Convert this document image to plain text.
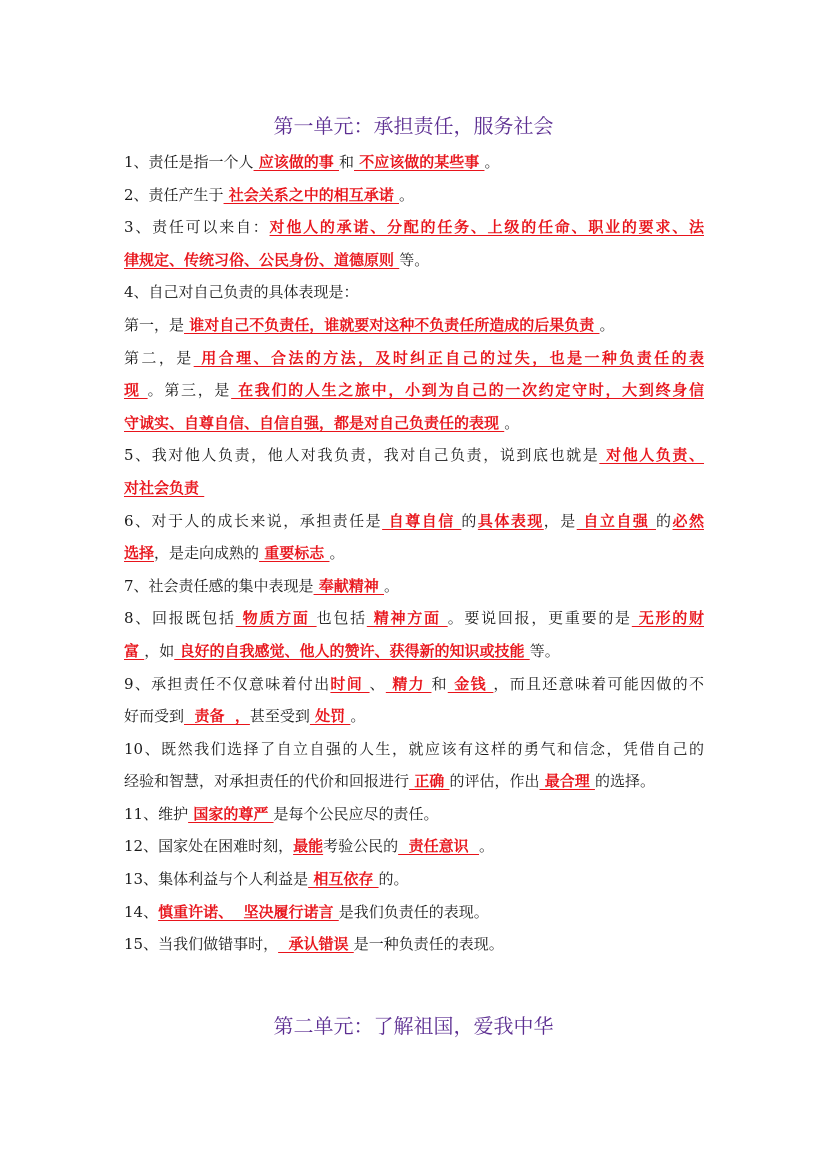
第一单元：承担责任，服务社会
1、责任是指一个人 应该做的事 和 不应该做的某些事 。
2、责任产生于 社会关系之中的相互承诺 。
3、责任可以来自：对他人的承诺、分配的任务、上级的任命、职业的要求、法
律规定、传统习俗、公民身份、道德原则 等。
4、自己对自己负责的具体表现是：
第一，是 谁对自己不负责任，谁就要对这种不负责任所造成的后果负责 。
第二，是 用合理、合法的方法，及时纠正自己的过失，也是一种负责任的表
现 。第三，是 在我们的人生之旅中，小到为自己的一次约定守时，大到终身信
守诚实、自尊自信、自信自强，都是对自己负责任的表现 。
5、我对他人负责，他人对我负责，我对自己负责，说到底也就是 对他人负责、
对社会负责
6、对于人的成长来说，承担责任是 自尊自信 的具体表现，是 自立自强 的必然
选择，是走向成熟的 重要标志 。
7、社会责任感的集中表现是 奉献精神 。
8、回报既包括 物质方面 也包括 精神方面 。要说回报，更重要的是 无形的财
富 ，如 良好的自我感觉、他人的赞许、获得新的知识或技能 等。
9、承担责任不仅意味着付出时间 、 精力 和 金钱 ，而且还意味着可能因做的不
好而受到  责备  ，甚至受到 处罚 。
10、既然我们选择了自立自强的人生，就应该有这样的勇气和信念，凭借自己的
经验和智慧，对承担责任的代价和回报进行 正确 的评估，作出 最合理 的选择。
11、维护 国家的尊严 是每个公民应尽的责任。
12、国家处在困难时刻，最能考验公民的  责任意识  。
13、集体利益与个人利益是 相互依存 的。
14、慎重许诺、  坚决履行诺言 是我们负责任的表现。
15、当我们做错事时，  承认错误 是一种负责任的表现。
第二单元：了解祖国，爱我中华
